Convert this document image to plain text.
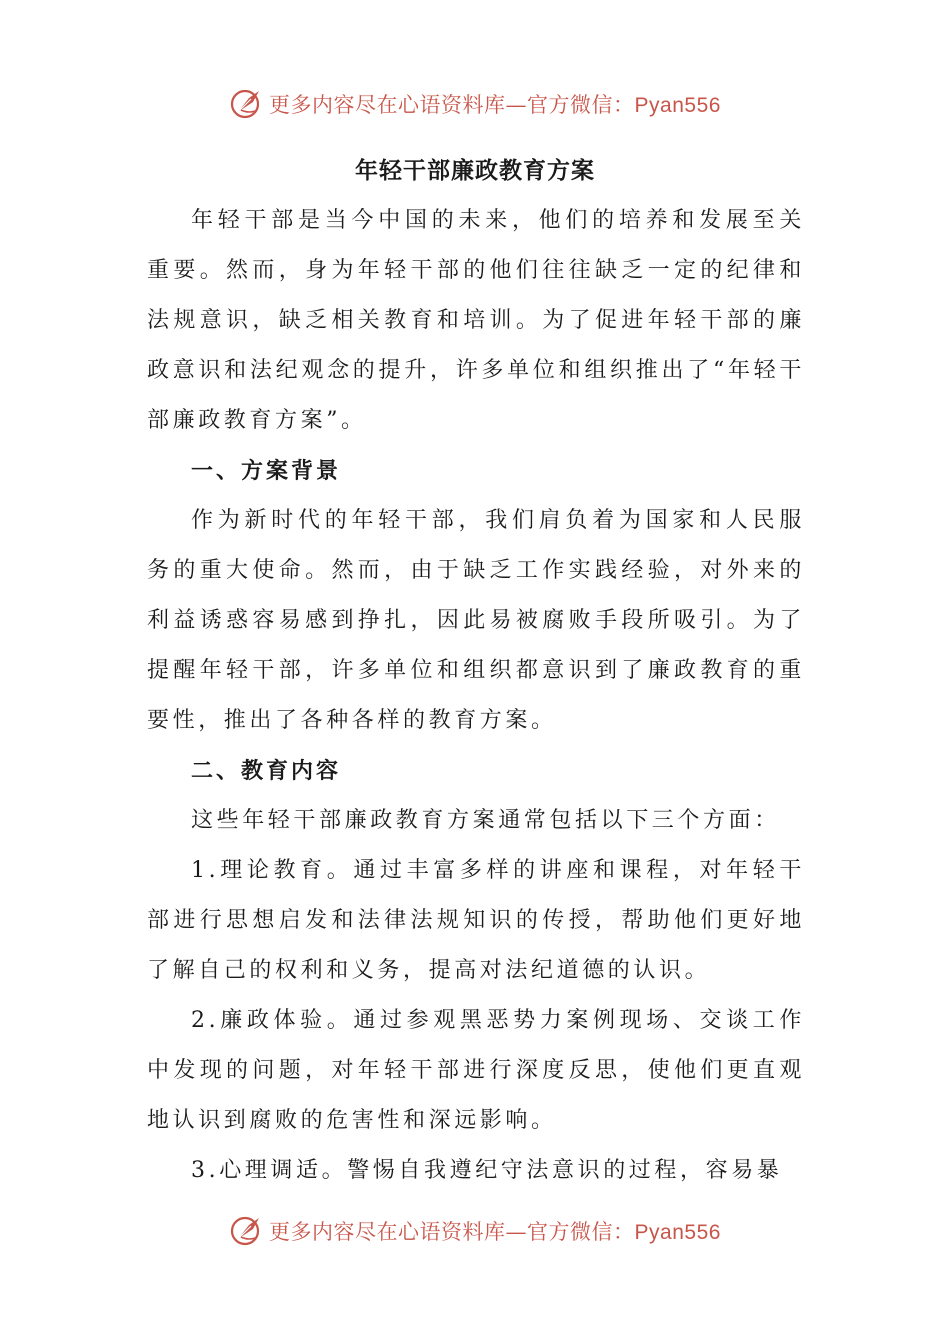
更多内容尽在心语资料库—官方微信：Pyan556
年轻干部廉政教育方案

年轻干部是当今中国的未来，他们的培养和发展至关重要。然而，身为年轻干部的他们往往缺乏一定的纪律和法规意识，缺乏相关教育和培训。为了促进年轻干部的廉政意识和法纪观念的提升，许多单位和组织推出了“年轻干部廉政教育方案”。

一、方案背景

作为新时代的年轻干部，我们肩负着为国家和人民服务的重大使命。然而，由于缺乏工作实践经验，对外来的利益诱惑容易感到挣扎，因此易被腐败手段所吸引。为了提醒年轻干部，许多单位和组织都意识到了廉政教育的重要性，推出了各种各样的教育方案。

二、教育内容

这些年轻干部廉政教育方案通常包括以下三个方面：

1.理论教育。通过丰富多样的讲座和课程，对年轻干部进行思想启发和法律法规知识的传授，帮助他们更好地了解自己的权利和义务，提高对法纪道德的认识。

2.廉政体验。通过参观黑恶势力案例现场、交谈工作中发现的问题，对年轻干部进行深度反思，使他们更直观地认识到腐败的危害性和深远影响。

3.心理调适。警惕自我遵纪守法意识的过程，容易暴

更多内容尽在心语资料库—官方微信：Pyan556
